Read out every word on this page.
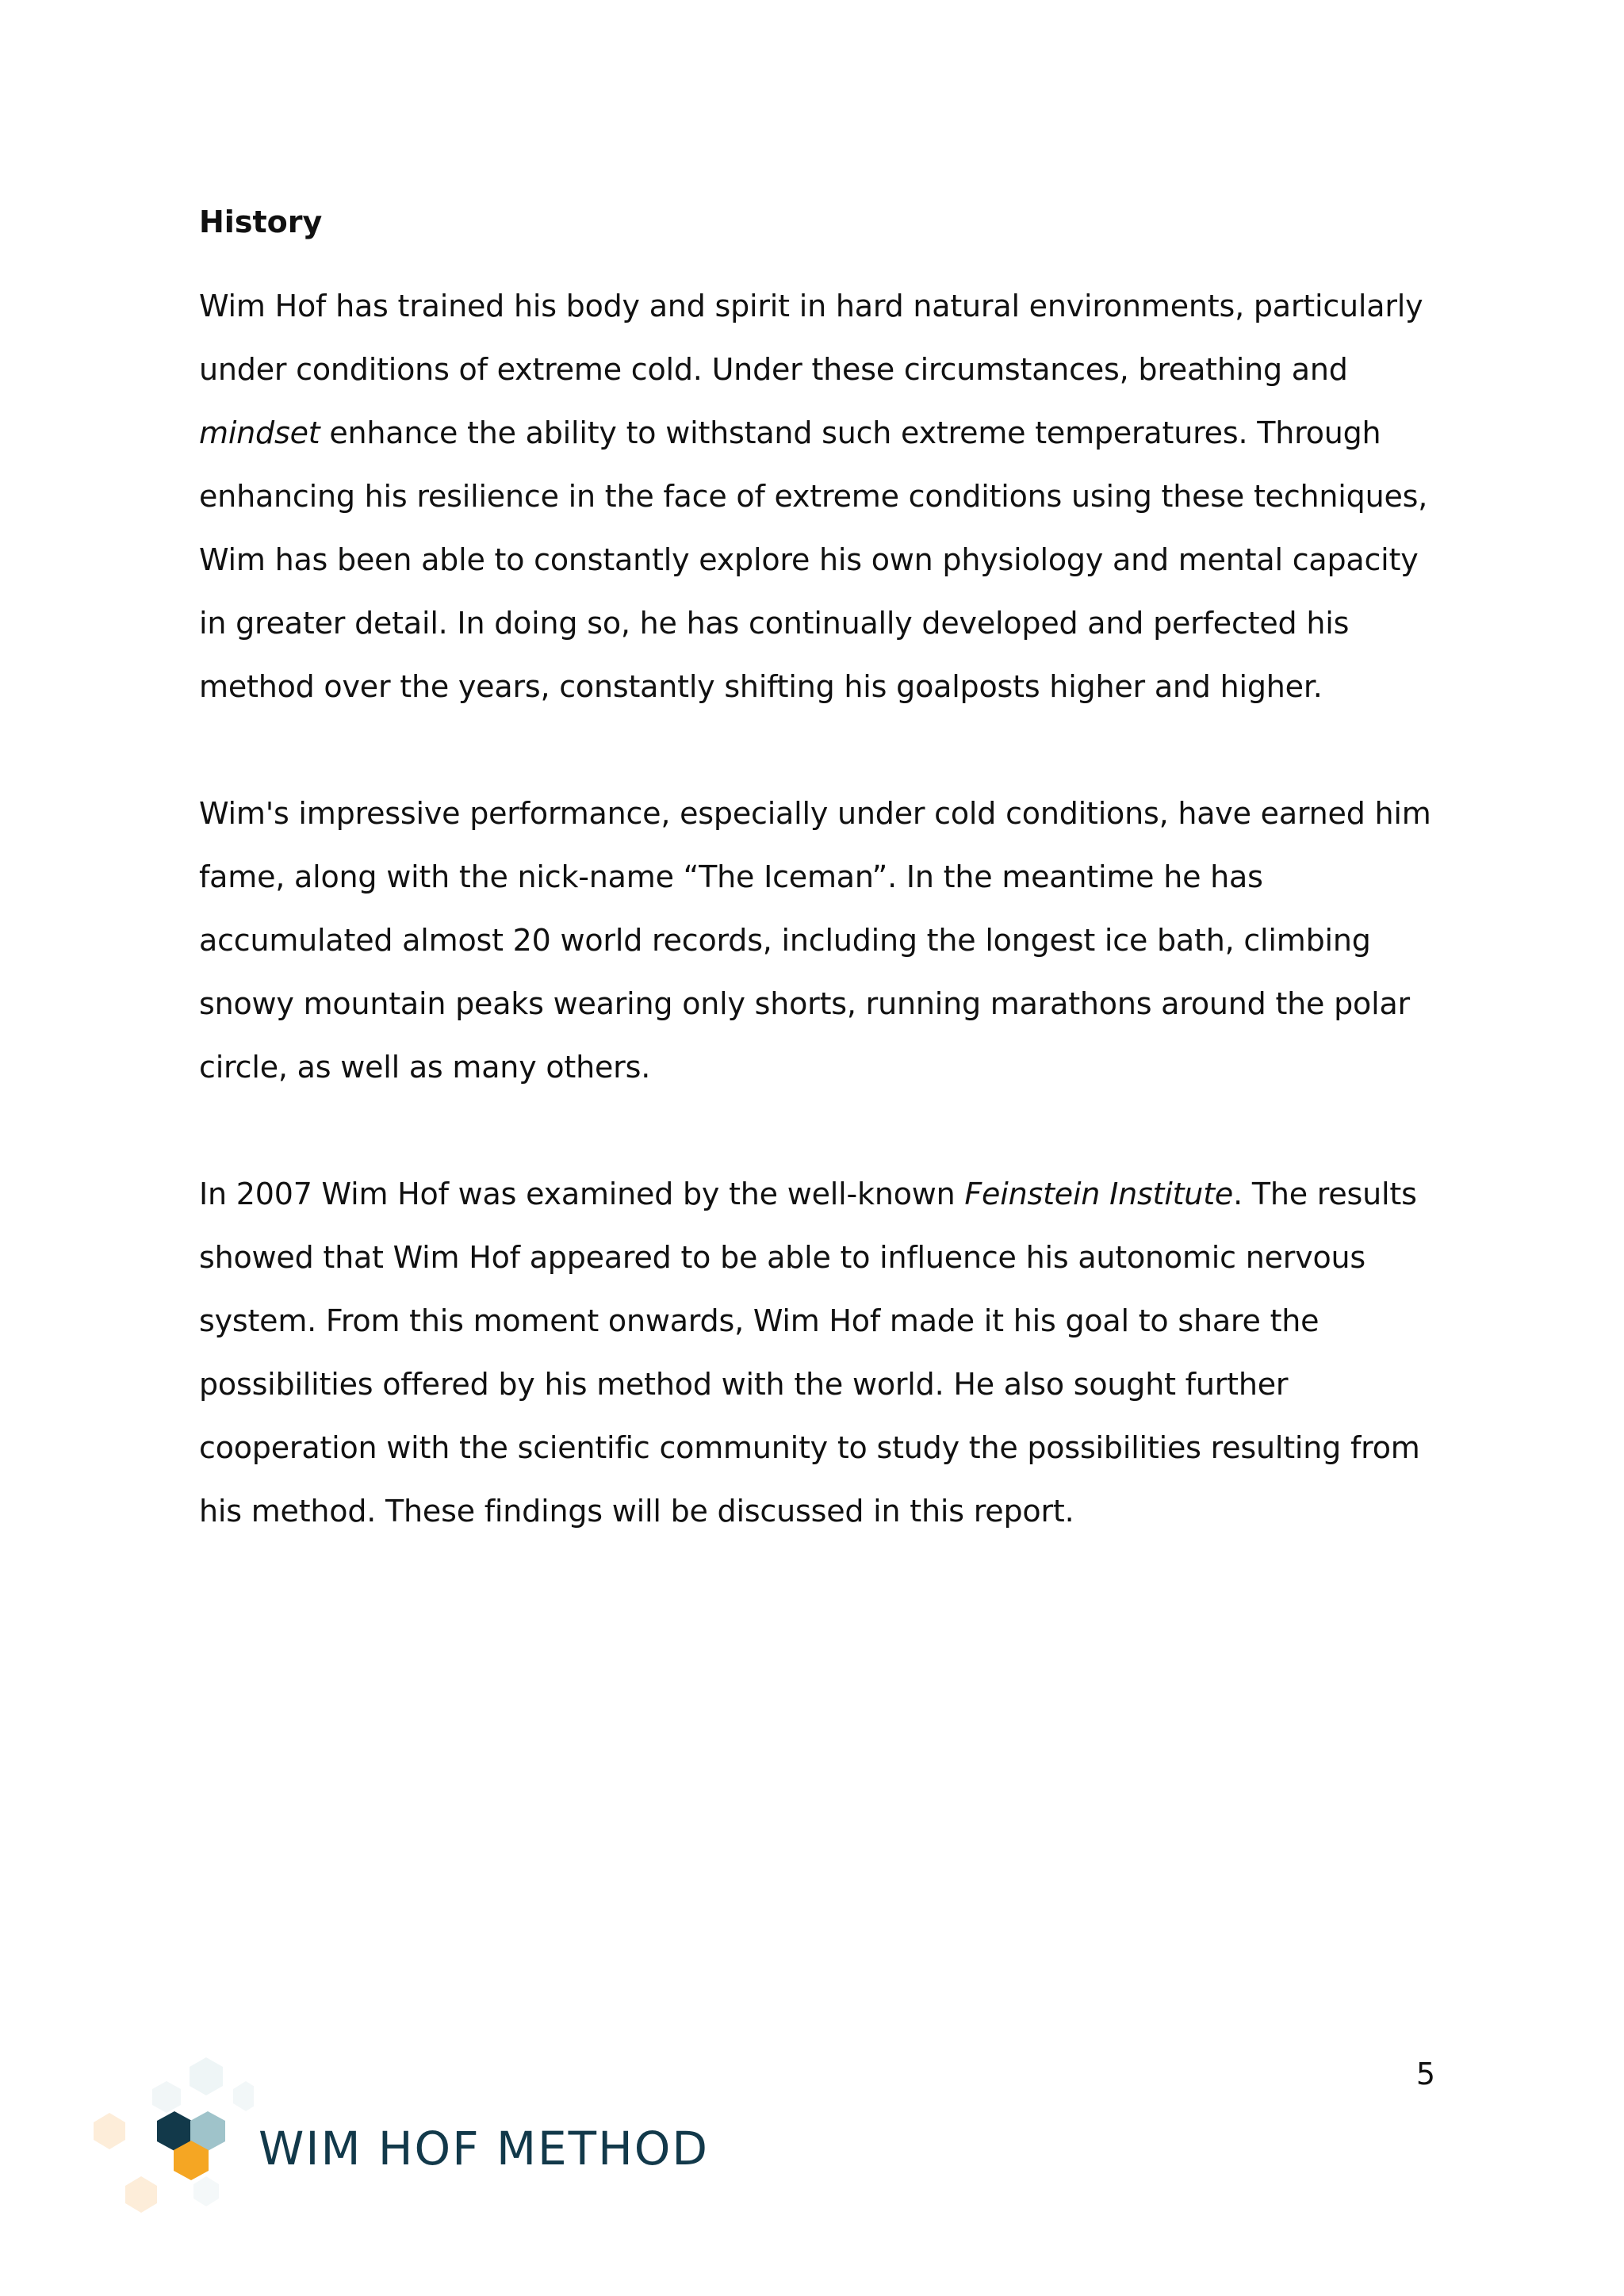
History

Wim Hof has trained his body and spirit in hard natural environments, particularly under conditions of extreme cold. Under these circumstances, breathing and mindset enhance the ability to withstand such extreme temperatures. Through enhancing his resilience in the face of extreme conditions using these techniques, Wim has been able to constantly explore his own physiology and mental capacity in greater detail. In doing so, he has continually developed and perfected his method over the years, constantly shifting his goalposts higher and higher.

Wim's impressive performance, especially under cold conditions, have earned him fame, along with the nick-name “The Iceman”. In the meantime he has accumulated almost 20 world records, including the longest ice bath, climbing snowy mountain peaks wearing only shorts, running marathons around the polar circle, as well as many others.

In 2007 Wim Hof was examined by the well-known Feinstein Institute. The results showed that Wim Hof appeared to be able to influence his autonomic nervous system. From this moment onwards, Wim Hof made it his goal to share the possibilities offered by his method with the world. He also sought further cooperation with the scientific community to study the possibilities resulting from his method. These findings will be discussed in this report.

5
WIM HOF METHOD
